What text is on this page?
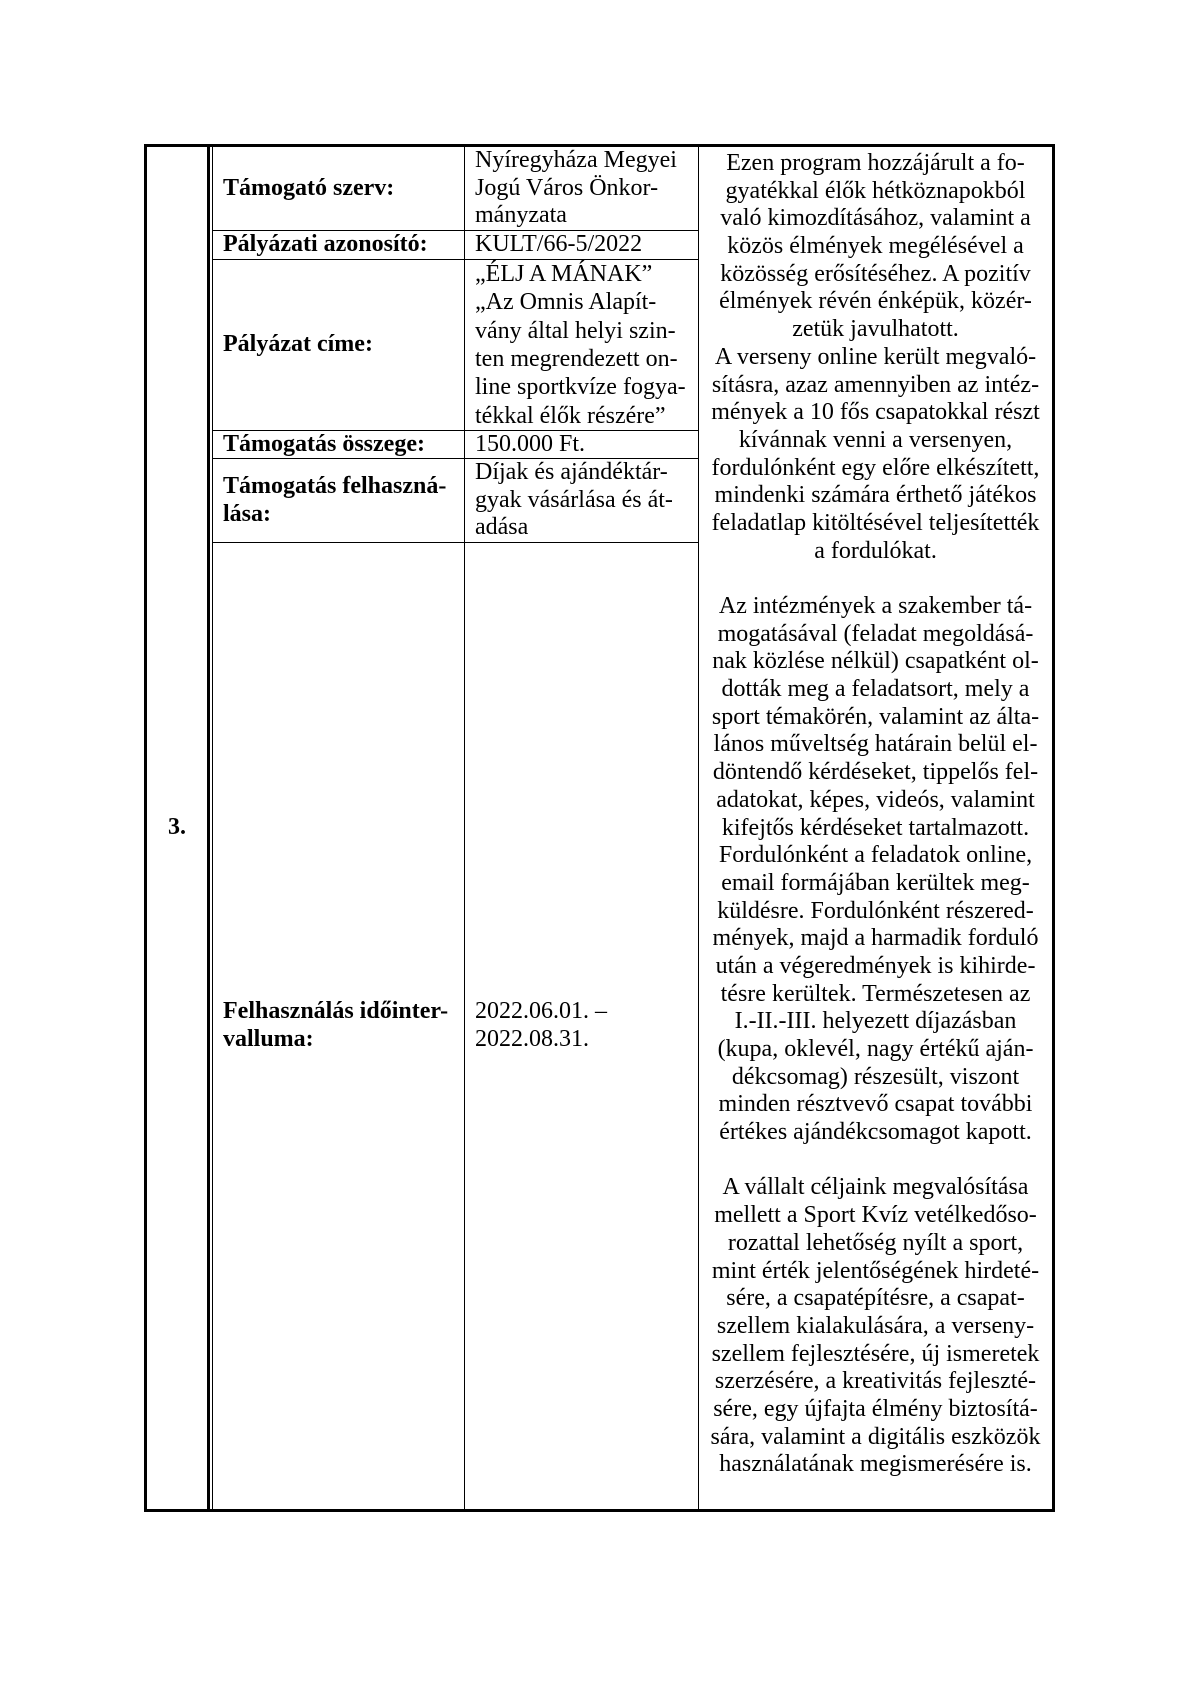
3.
Támogató szerv:
Nyíregyháza Megyei
Jogú Város Önkor-
mányzata
Pályázati azonosító:	KULT/66-5/2022
Pályázat címe:
„ÉLJ A MÁNAK”
„Az Omnis Alapít-
vány által helyi szin-
ten megrendezett on-
line sportkvíze fogya-
tékkal élők részére”
Támogatás összege:	150.000 Ft.
Támogatás felhaszná-
lása:
Díjak és ajándéktár-
gyak vásárlása és át-
adása
Felhasználás időinter-
valluma:
2022.06.01. –
2022.08.31.
Ezen program hozzájárult a fo-
gyatékkal élők hétköznapokból
való kimozdításához, valamint a
közös élmények megélésével a
közösség erősítéséhez. A pozitív
élmények révén énképük, közér-
zetük javulhatott.
A verseny online került megvaló-
sításra, azaz amennyiben az intéz-
mények a 10 fős csapatokkal részt
kívánnak venni a versenyen,
fordulónként egy előre elkészített,
mindenki számára érthető játékos
feladatlap kitöltésével teljesítették
a fordulókat.
Az intézmények a szakember tá-
mogatásával (feladat megoldásá-
nak közlése nélkül) csapatként ol-
dották meg a feladatsort, mely a
sport témakörén, valamint az álta-
lános műveltség határain belül el-
döntendő kérdéseket, tippelős fel-
adatokat, képes, videós, valamint
kifejtős kérdéseket tartalmazott.
Fordulónként a feladatok online,
email formájában kerültek meg-
küldésre. Fordulónként részered-
mények, majd a harmadik forduló
után a végeredmények is kihirde-
tésre kerültek. Természetesen az
I.-II.-III. helyezett díjazásban
(kupa, oklevél, nagy értékű aján-
dékcsomag) részesült, viszont
minden résztvevő csapat további
értékes ajándékcsomagot kapott.
A vállalt céljaink megvalósítása
mellett a Sport Kvíz vetélkedőso-
rozattal lehetőség nyílt a sport,
mint érték jelentőségének hirdeté-
sére, a csapatépítésre, a csapat-
szellem kialakulására, a verseny-
szellem fejlesztésére, új ismeretek
szerzésére, a kreativitás fejleszté-
sére, egy újfajta élmény biztosítá-
sára, valamint a digitális eszközök
használatának megismerésére is.
